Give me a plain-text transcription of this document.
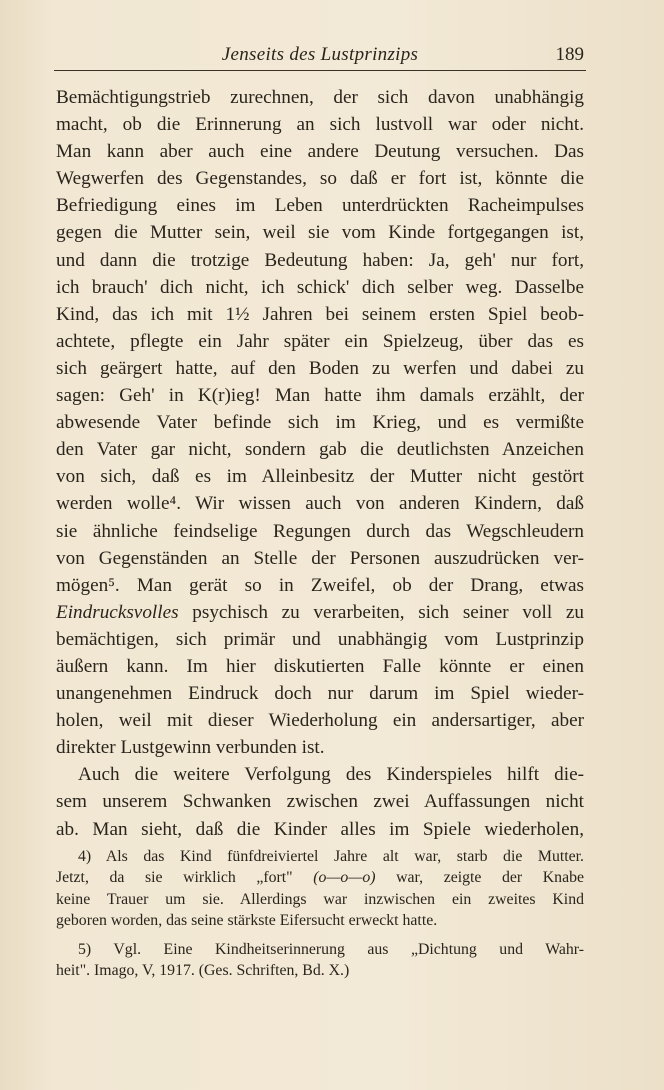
Jenseits des Lustprinzips	189
Bemächtigungstrieb zurechnen, der sich davon unabhängig
macht, ob die Erinnerung an sich lustvoll war oder nicht.
Man kann aber auch eine andere Deutung versuchen. Das
Wegwerfen des Gegenstandes, so daß er fort ist, könnte die
Befriedigung eines im Leben unterdrückten Racheimpulses
gegen die Mutter sein, weil sie vom Kinde fortgegangen ist,
und dann die trotzige Bedeutung haben: Ja, geh' nur fort,
ich brauch' dich nicht, ich schick' dich selber weg. Dasselbe
Kind, das ich mit 1½ Jahren bei seinem ersten Spiel beob-
achtete, pflegte ein Jahr später ein Spielzeug, über das es
sich geärgert hatte, auf den Boden zu werfen und dabei zu
sagen: Geh' in K(r)ieg! Man hatte ihm damals erzählt, der
abwesende Vater befinde sich im Krieg, und es vermißte
den Vater gar nicht, sondern gab die deutlichsten Anzeichen
von sich, daß es im Alleinbesitz der Mutter nicht gestört
werden wolle⁴. Wir wissen auch von anderen Kindern, daß
sie ähnliche feindselige Regungen durch das Wegschleudern
von Gegenständen an Stelle der Personen auszudrücken ver-
mögen⁵. Man gerät so in Zweifel, ob der Drang, etwas
Eindrucksvolles psychisch zu verarbeiten, sich seiner voll zu
bemächtigen, sich primär und unabhängig vom Lustprinzip
äußern kann. Im hier diskutierten Falle könnte er einen
unangenehmen Eindruck doch nur darum im Spiel wieder-
holen, weil mit dieser Wiederholung ein andersartiger, aber
direkter Lustgewinn verbunden ist.
Auch die weitere Verfolgung des Kinderspieles hilft die-
sem unserem Schwanken zwischen zwei Auffassungen nicht
ab. Man sieht, daß die Kinder alles im Spiele wiederholen,
4) Als das Kind fünfdreiviertel Jahre alt war, starb die Mutter.
Jetzt, da sie wirklich „fort" (o—o—o) war, zeigte der Knabe
keine Trauer um sie. Allerdings war inzwischen ein zweites Kind
geboren worden, das seine stärkste Eifersucht erweckt hatte.
5) Vgl. Eine Kindheitserinnerung aus „Dichtung und Wahr-
heit". Imago, V, 1917. (Ges. Schriften, Bd. X.)
